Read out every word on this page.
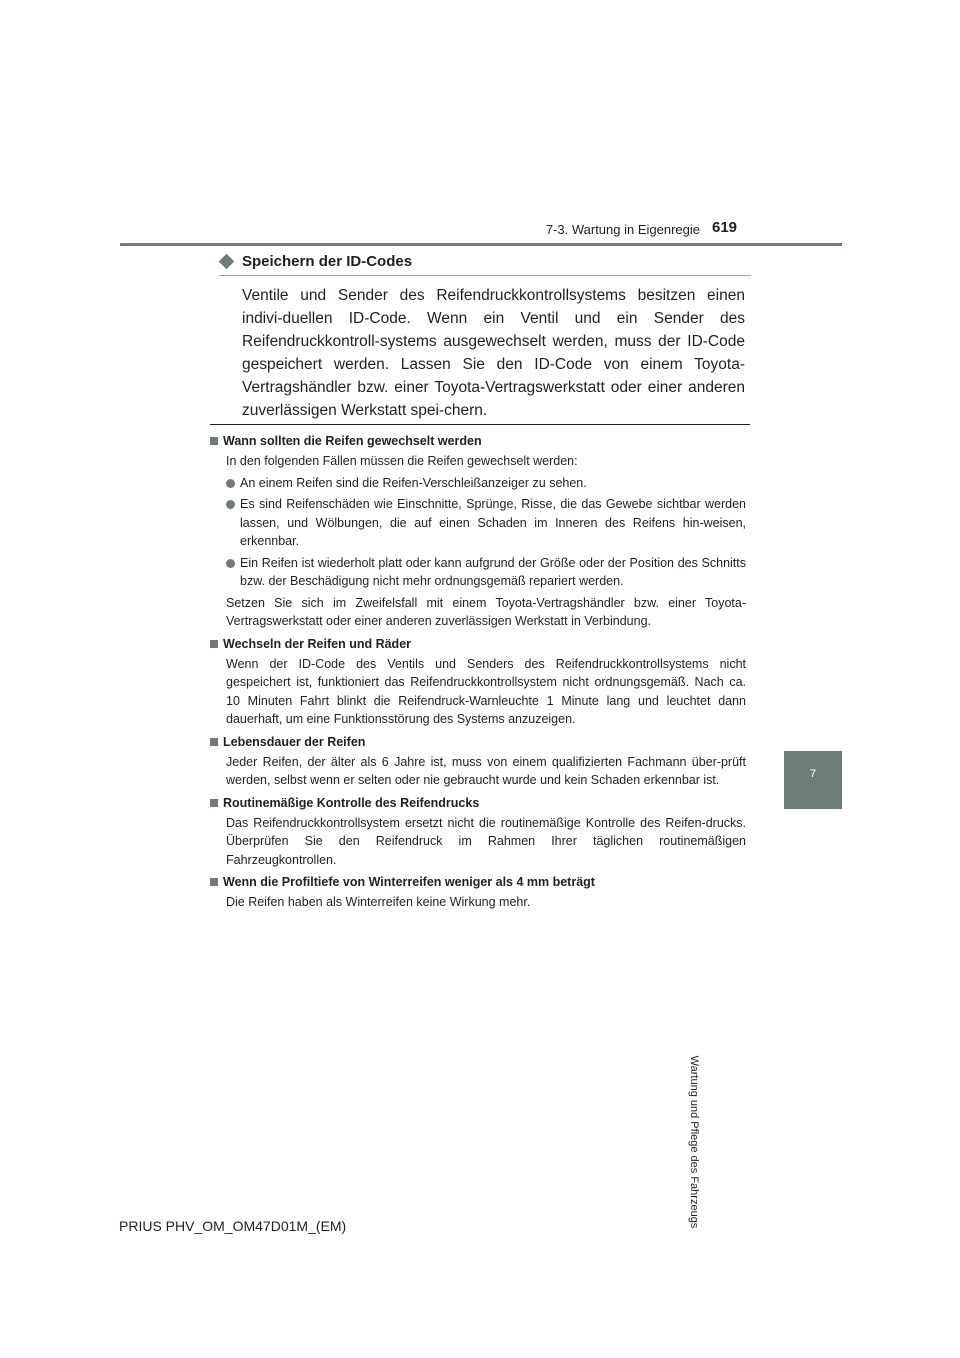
7-3. Wartung in Eigenregie 619
7
Wartung und Pflege des Fahrzeugs
Speichern der ID-Codes
Ventile und Sender des Reifendruckkontrollsystems besitzen einen indivi-duellen ID-Code. Wenn ein Ventil und ein Sender des Reifendruckkontroll-systems ausgewechselt werden, muss der ID-Code gespeichert werden. Lassen Sie den ID-Code von einem Toyota-Vertragshändler bzw. einer Toyota-Vertragswerkstatt oder einer anderen zuverlässigen Werkstatt spei-chern.
Wann sollten die Reifen gewechselt werden
In den folgenden Fällen müssen die Reifen gewechselt werden:
An einem Reifen sind die Reifen-Verschleißanzeiger zu sehen.
Es sind Reifenschäden wie Einschnitte, Sprünge, Risse, die das Gewebe sichtbar werden lassen, und Wölbungen, die auf einen Schaden im Inneren des Reifens hin-weisen, erkennbar.
Ein Reifen ist wiederholt platt oder kann aufgrund der Größe oder der Position des Schnitts bzw. der Beschädigung nicht mehr ordnungsgemäß repariert werden.
Setzen Sie sich im Zweifelsfall mit einem Toyota-Vertragshändler bzw. einer Toyota-Vertragswerkstatt oder einer anderen zuverlässigen Werkstatt in Verbindung.
Wechseln der Reifen und Räder
Wenn der ID-Code des Ventils und Senders des Reifendruckkontrollsystems nicht gespeichert ist, funktioniert das Reifendruckkontrollsystem nicht ordnungsgemäß. Nach ca. 10 Minuten Fahrt blinkt die Reifendruck-Warnleuchte 1 Minute lang und leuchtet dann dauerhaft, um eine Funktionsstörung des Systems anzuzeigen.
Lebensdauer der Reifen
Jeder Reifen, der älter als 6 Jahre ist, muss von einem qualifizierten Fachmann über-prüft werden, selbst wenn er selten oder nie gebraucht wurde und kein Schaden erkennbar ist.
Routinemäßige Kontrolle des Reifendrucks
Das Reifendruckkontrollsystem ersetzt nicht die routinemäßige Kontrolle des Reifen-drucks. Überprüfen Sie den Reifendruck im Rahmen Ihrer täglichen routinemäßigen Fahrzeugkontrollen.
Wenn die Profiltiefe von Winterreifen weniger als 4 mm beträgt
Die Reifen haben als Winterreifen keine Wirkung mehr.
PRIUS PHV_OM_OM47D01M_(EM)
